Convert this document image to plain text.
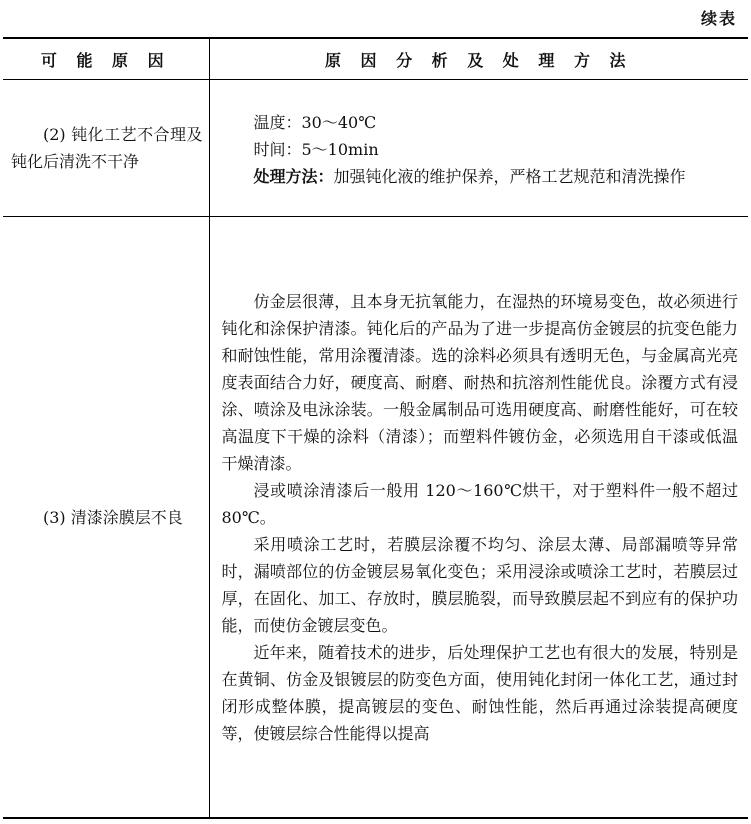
续表
可 能 原 因	原 因 分 析 及 处 理 方 法
(2) 钝化工艺不合理及钝化后清洗不干净	温度：30～40℃

时间：5～10min

处理方法：加强钝化液的维护保养，严格工艺规范和清洗操作

(3) 清漆涂膜层不良	仿金层很薄，且本身无抗氧能力，在湿热的环境易变色，故必须进行钝化和涂保护清漆。钝化后的产品为了进一步提高仿金镀层的抗变色能力和耐蚀性能，常用涂覆清漆。选的涂料必须具有透明无色，与金属高光亮度表面结合力好，硬度高、耐磨、耐热和抗溶剂性能优良。涂覆方式有浸涂、喷涂及电泳涂装。一般金属制品可选用硬度高、耐磨性能好，可在较高温度下干燥的涂料（清漆）；而塑料件镀仿金，必须选用自干漆或低温干燥清漆。

浸或喷涂清漆后一般用 120～160℃烘干，对于塑料件一般不超过 80℃。

采用喷涂工艺时，若膜层涂覆不均匀、涂层太薄、局部漏喷等异常时，漏喷部位的仿金镀层易氧化变色；采用浸涂或喷涂工艺时，若膜层过厚，在固化、加工、存放时，膜层脆裂，而导致膜层起不到应有的保护功能，而使仿金镀层变色。

近年来，随着技术的进步，后处理保护工艺也有很大的发展，特别是在黄铜、仿金及银镀层的防变色方面，使用钝化封闭一体化工艺，通过封闭形成整体膜，提高镀层的变色、耐蚀性能，然后再通过涂装提高硬度等，使镀层综合性能得以提高
